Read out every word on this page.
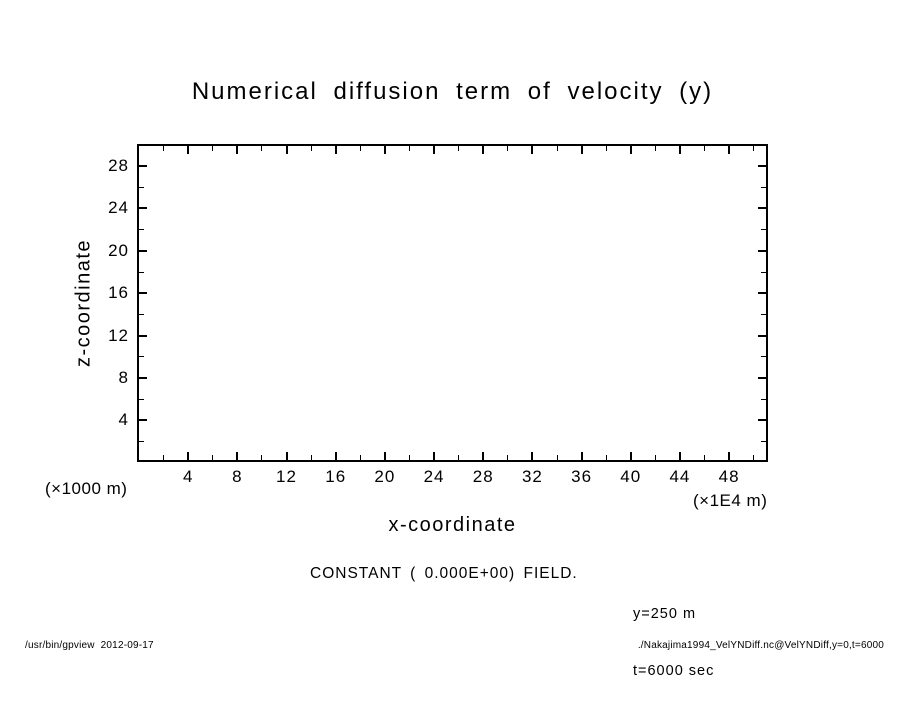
Numerical diffusion term of velocity (y)
4 8 12 16 20 24 28 32 36 40 44 48
4
8
12
16
20
24
28
z-coordinate
x-coordinate
(×1000 m)
(×1E4 m)
CONSTANT ( 0.000E+00) FIELD.

y=250 m

t=6000 sec

/usr/bin/gpview  2012-09-17	./Nakajima1994_VelYNDiff.nc@VelYNDiff,y=0,t=6000
